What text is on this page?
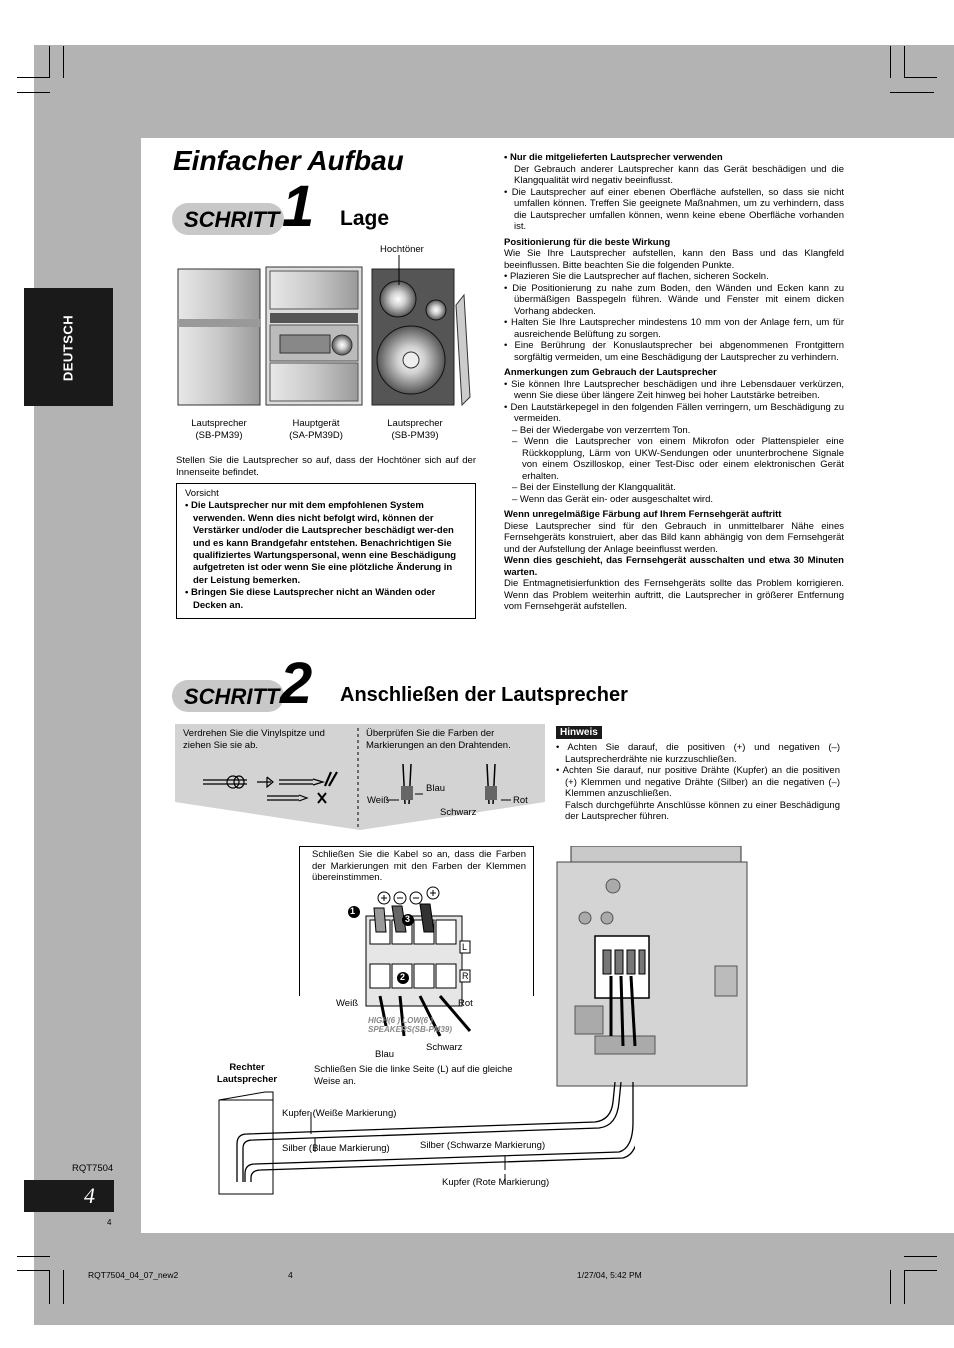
DEUTSCH
RQT7504
4
4
Einfacher Aufbau
SCHRITT 1 Lage
Hochtöner
Lautsprecher
(SB-PM39)
Hauptgerät
(SA-PM39D)
Lautsprecher
(SB-PM39)
Stellen Sie die Lautsprecher so auf, dass der Hochtöner sich auf der Innenseite befindet.
Vorsicht
• Die Lautsprecher nur mit dem empfohlenen System verwenden. Wenn dies nicht befolgt wird, können der Verstärker und/oder die Lautsprecher beschädigt wer-den und es kann Brandgefahr entstehen. Benachrichtigen Sie qualifiziertes Wartungspersonal, wenn eine Beschädigung aufgetreten ist oder wenn Sie eine plötzliche Änderung in der Leistung bemerken.
• Bringen Sie diese Lautsprecher nicht an Wänden oder Decken an.

• Nur die mitgelieferten Lautsprecher verwenden

Der Gebrauch anderer Lautsprecher kann das Gerät beschädigen und die Klangqualität wird negativ beeinflusst.

• Die Lautsprecher auf einer ebenen Oberfläche aufstellen, so dass sie nicht umfallen können. Treffen Sie geeignete Maßnahmen, um zu verhindern, dass die Lautsprecher umfallen können, wenn keine ebene Oberfläche vorhanden ist.

Positionierung für die beste Wirkung

Wie Sie Ihre Lautsprecher aufstellen, kann den Bass und das Klangfeld beeinflussen. Bitte beachten Sie die folgenden Punkte.

• Plazieren Sie die Lautsprecher auf flachen, sicheren Sockeln.

• Die Positionierung zu nahe zum Boden, den Wänden und Ecken kann zu übermäßigen Basspegeln führen. Wände und Fenster mit einem dicken Vorhang abdecken.

• Halten Sie Ihre Lautsprecher mindestens 10 mm von der Anlage fern, um für ausreichende Belüftung zu sorgen.

• Eine Berührung der Konuslautsprecher bei abgenommenen Frontgittern sorgfältig vermeiden, um eine Beschädigung der Lautsprecher zu verhindern.

Anmerkungen zum Gebrauch der Lautsprecher

• Sie können Ihre Lautsprecher beschädigen und ihre Lebensdauer verkürzen, wenn Sie diese über längere Zeit hinweg bei hoher Lautstärke betreiben.

• Den Lautstärkepegel in den folgenden Fällen verringern, um Beschädigung zu vermeiden.

– Bei der Wiedergabe von verzerrtem Ton.

– Wenn die Lautsprecher von einem Mikrofon oder Plattenspieler eine Rückkopplung, Lärm von UKW-Sendungen oder ununterbrochene Signale von einem Oszilloskop, einer Test-Disc oder einem elektronischen Gerät erhalten.

– Bei der Einstellung der Klangqualität.

– Wenn das Gerät ein- oder ausgeschaltet wird.

Wenn unregelmäßige Färbung auf Ihrem Fernsehgerät auftritt

Diese Lautsprecher sind für den Gebrauch in unmittelbarer Nähe eines Fernsehgeräts konstruiert, aber das Bild kann abhängig von dem Fernsehgerät und der Aufstellung der Anlage beeinflusst werden.

Wenn dies geschieht, das Fernsehgerät ausschalten und etwa 30 Minuten warten.

Die Entmagnetisierfunktion des Fernsehgeräts sollte das Problem korrigieren. Wenn das Problem weiterhin auftritt, die Lautsprecher in größerer Entfernung vom Fernsehgerät aufstellen.

SCHRITT 2 Anschließen der Lautsprecher
Verdrehen Sie die Vinylspitze und ziehen Sie sie ab.
Überprüfen Sie die Farben der Markierungen an den Drahtenden.
Blau
Weiß	Rot
Schwarz
Hinweis
• Achten Sie darauf, die positiven (+) und negativen (–) Lautsprecherdrähte nie kurzzuschließen.
• Achten Sie darauf, nur positive Drähte (Kupfer) an die positiven (+) Klemmen und negative Drähte (Silber) an die negativen (–) Klemmen anzuschließen.
Falsch durchgeführte Anschlüsse können zu einer Beschädigung der Lautsprecher führen.
Schließen Sie die Kabel so an, dass die Farben der Markierungen mit den Farben der Klemmen übereinstimmen.
1
3
2
L
R
Weiß	Rot
HIGH(6 ) LOW(6 ) SPEAKERS(SB-PM39)
Blau
Schwarz
Schließen Sie die linke Seite (L) auf die gleiche Weise an.
Rechter Lautsprecher
Kupfer (Weiße Markierung)
Silber (Blaue Markierung)	Silber (Schwarze Markierung)
Kupfer (Rote Markierung)
RQT7504_04_07_new2	4	1/27/04, 5:42 PM
